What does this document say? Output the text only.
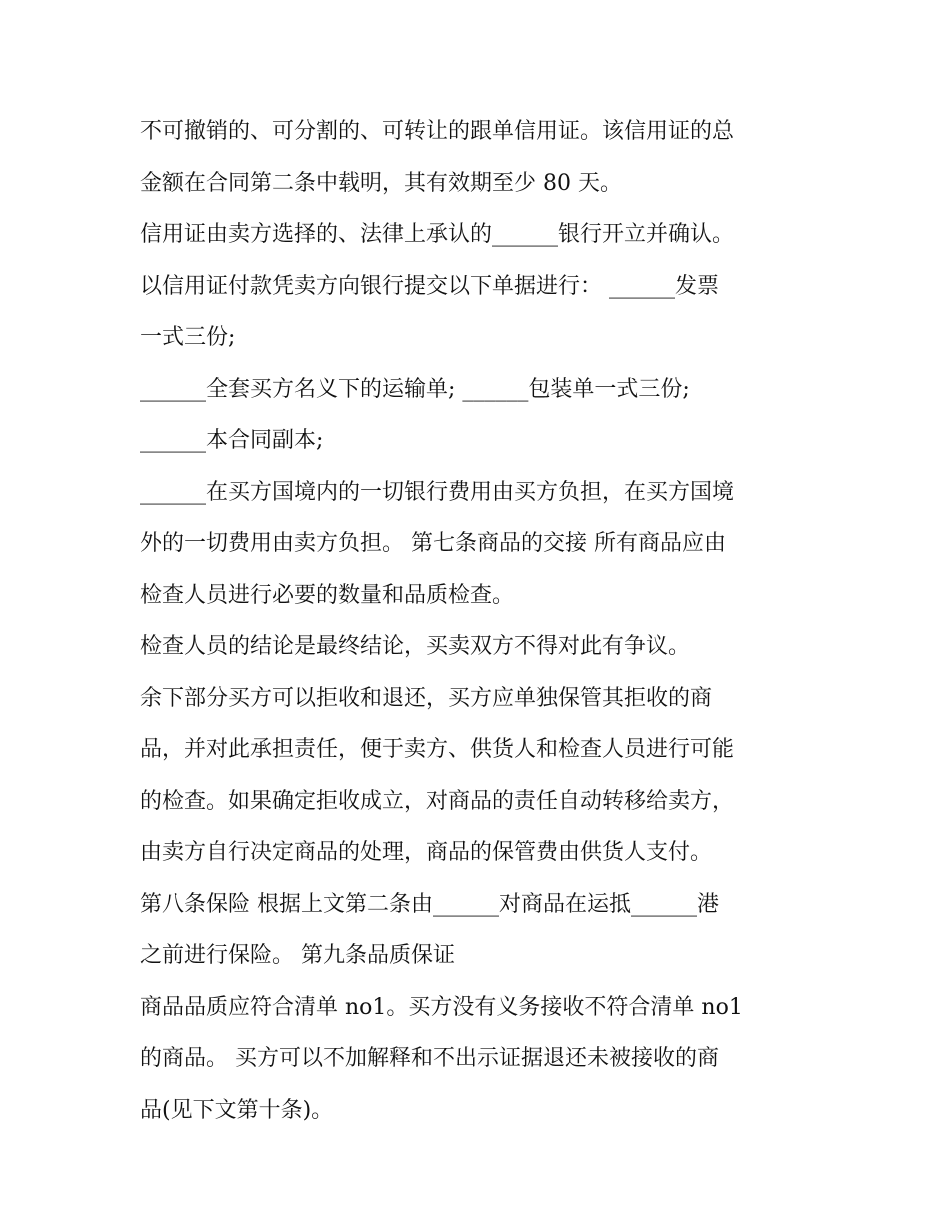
不可撤销的、可分割的、可转让的跟单信用证。该信用证的总
金额在合同第二条中载明，其有效期至少 80 天。
信用证由卖方选择的、法律上承认的______银行开立并确认。
以信用证付款凭卖方向银行提交以下单据进行： ______发票
一式三份;
______全套买方名义下的运输单; ______包装单一式三份;
______本合同副本;
______在买方国境内的一切银行费用由买方负担，在买方国境
外的一切费用由卖方负担。 第七条商品的交接 所有商品应由
检查人员进行必要的数量和品质检查。
检查人员的结论是最终结论，买卖双方不得对此有争议。
余下部分买方可以拒收和退还，买方应单独保管其拒收的商
品，并对此承担责任，便于卖方、供货人和检查人员进行可能
的检查。如果确定拒收成立，对商品的责任自动转移给卖方，
由卖方自行决定商品的处理，商品的保管费由供货人支付。
第八条保险 根据上文第二条由______对商品在运抵______港
之前进行保险。 第九条品质保证
商品品质应符合清单 no1。买方没有义务接收不符合清单 no1
的商品。 买方可以不加解释和不出示证据退还未被接收的商
品(见下文第十条)。
